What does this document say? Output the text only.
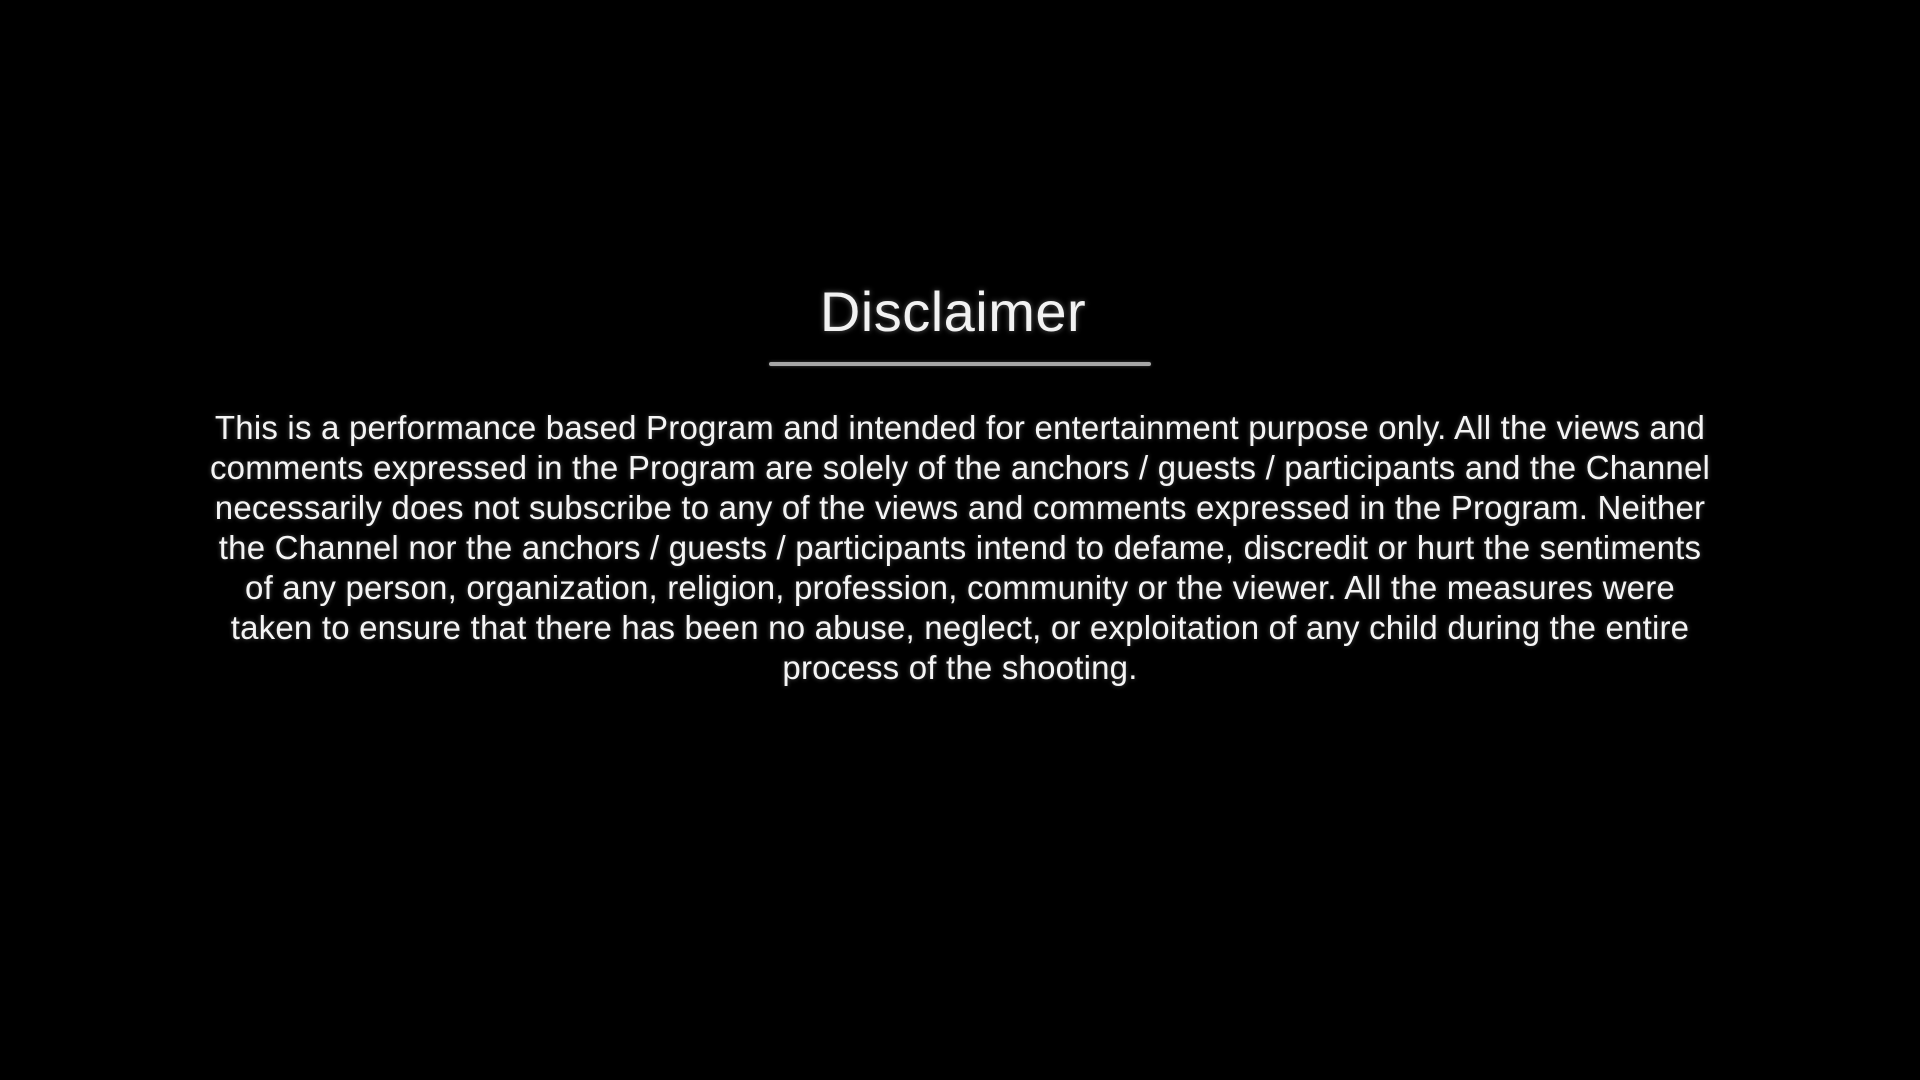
Disclaimer
This is a performance based Program and intended for entertainment purpose only. All the views and
comments expressed in the Program are solely of the anchors / guests / participants and the Channel
necessarily does not subscribe to any of the views and comments expressed in the Program. Neither
the Channel nor the anchors / guests / participants intend to defame, discredit or hurt the sentiments
of any person, organization, religion, profession, community or the viewer. All the measures were
taken to ensure that there has been no abuse, neglect, or exploitation of any child during the entire
process of the shooting.
